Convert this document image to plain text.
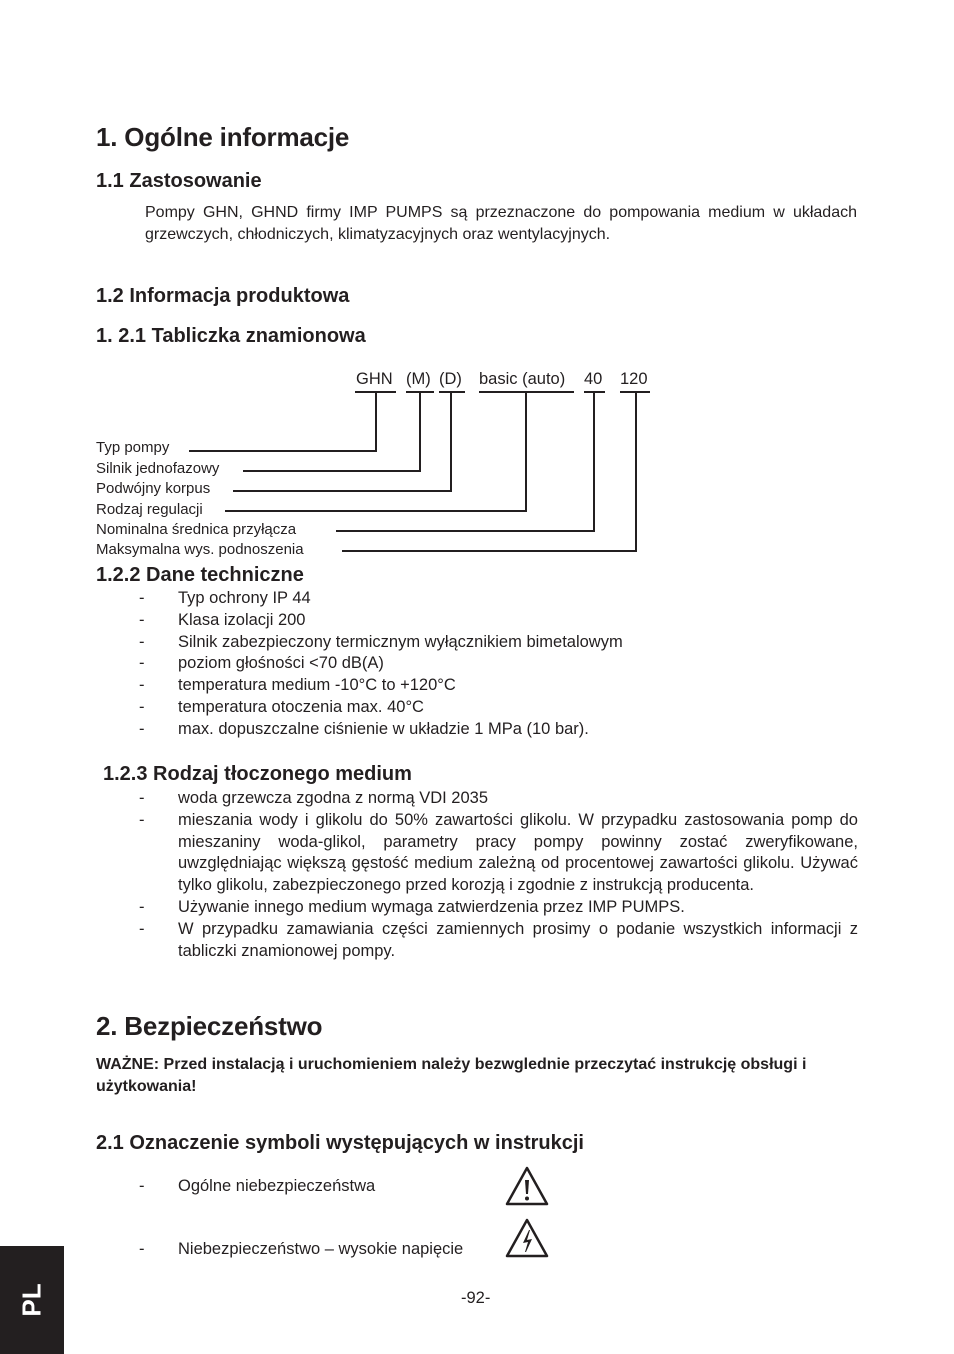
1. Ogólne informacje
1.1 Zastosowanie
Pompy GHN, GHND firmy IMP PUMPS są przeznaczone do pompowania medium w układach grzewczych, chłodniczych, klimatyzacyjnych oraz wentylacyjnych.
1.2 Informacja produktowa
1. 2.1 Tabliczka znamionowa
GHN (M) (D) basic (auto) 40 120
Typ pompy
Silnik jednofazowy
Podwójny korpus
Rodzaj regulacji
Nominalna średnica przyłącza
Maksymalna wys. podnoszenia
1.2.2 Dane techniczne
- Typ ochrony IP 44
- Klasa izolacji 200
- Silnik zabezpieczony termicznym wyłącznikiem bimetalowym
- poziom głośności <70 dB(A)
- temperatura medium -10°C to +120°C
- temperatura otoczenia max. 40°C
- max. dopuszczalne ciśnienie w układzie 1 MPa (10 bar).
1.2.3 Rodzaj tłoczonego medium
- woda grzewcza zgodna z normą VDI 2035
- mieszania wody i glikolu do 50% zawartości glikolu. W przypadku zastosowania pomp do mieszaniny woda-glikol, parametry pracy pompy powinny zostać zweryfikowane, uwzględniając większą gęstość medium zależną od procentowej zawartości glikolu. Używać tylko glikolu, zabezpieczonego przed korozją i zgodnie z instrukcją producenta.
- Używanie innego medium wymaga zatwierdzenia przez IMP PUMPS.
- W przypadku zamawiania części zamiennych prosimy o podanie wszystkich informacji z tabliczki znamionowej pompy.
2. Bezpieczeństwo
WAŻNE: Przed instalacją i uruchomieniem należy bezwglednie przeczytać instrukcję obsługi i użytkowania!
2.1 Oznaczenie symboli występujących w instrukcji
- Ogólne niebezpieczeństwa
- Niebezpieczeństwo – wysokie napięcie
-92-
PL
